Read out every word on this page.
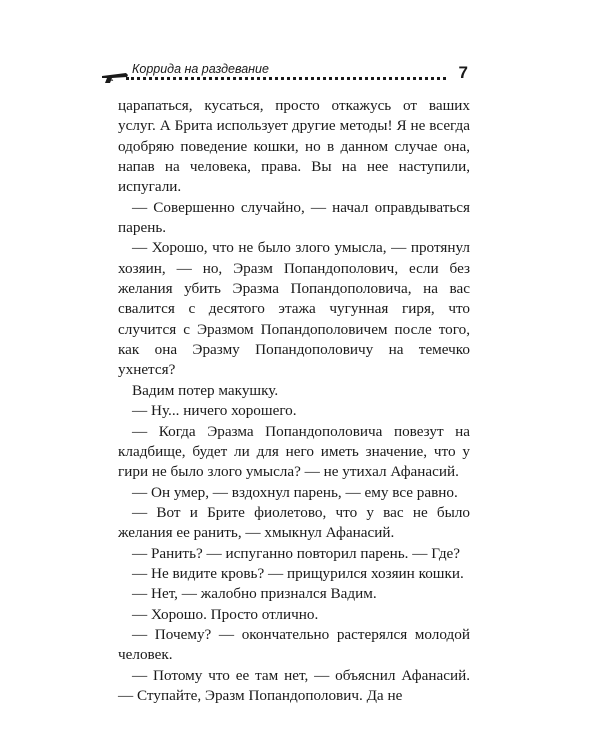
Коррида на раздевание	7

царапаться, кусаться, просто откажусь от ваших услуг. А Брита использует другие методы! Я не всегда одобряю поведение кошки, но в данном случае она, напав на человека, права. Вы на нее наступили, испугали.

— Совершенно случайно, — начал оправдываться парень.

— Хорошо, что не было злого умысла, — протянул хозяин, — но, Эразм Попандополович, если без желания убить Эразма Попандополовича, на вас свалится с десятого этажа чугунная гиря, что случится с Эразмом Попандополовичем после того, как она Эразму Попандополовичу на темечко ухнется?

Вадим потер макушку.

— Ну... ничего хорошего.

— Когда Эразма Попандополовича повезут на кладбище, будет ли для него иметь значение, что у гири не было злого умысла? — не утихал Афанасий.

— Он умер, — вздохнул парень, — ему все равно.

— Вот и Брите фиолетово, что у вас не было желания ее ранить, — хмыкнул Афанасий.

— Ранить? — испуганно повторил парень. — Где?

— Не видите кровь? — прищурился хозяин кошки.

— Нет, — жалобно признался Вадим.

— Хорошо. Просто отлично.

— Почему? — окончательно растерялся молодой человек.

— Потому что ее там нет, — объяснил Афанасий. — Ступайте, Эразм Попандополович. Да не
